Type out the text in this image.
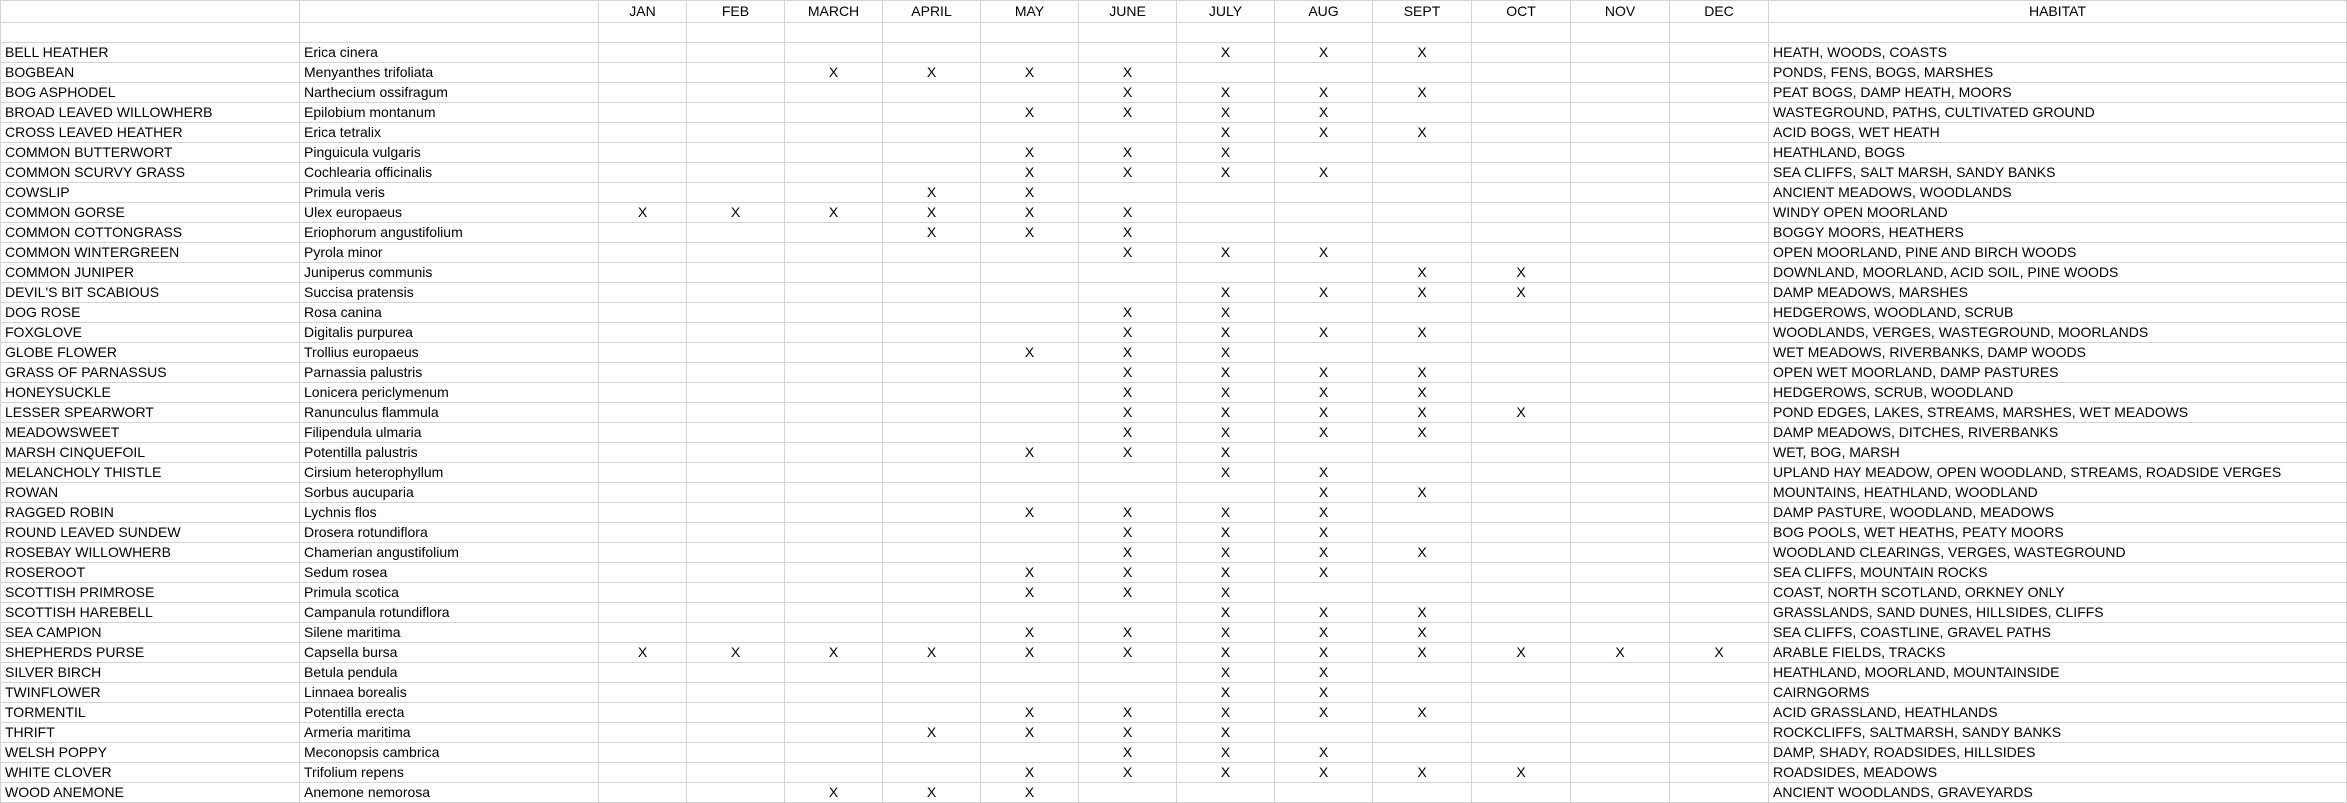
		JAN	FEB	MARCH	APRIL	MAY	JUNE	JULY	AUG	SEPT	OCT	NOV	DEC	HABITAT

BELL HEATHER	Erica cinera							X	X	X				HEATH, WOODS, COASTS
BOGBEAN	Menyanthes trifoliata			X	X	X	X							PONDS, FENS, BOGS, MARSHES
BOG ASPHODEL	Narthecium ossifragum						X	X	X	X				PEAT BOGS, DAMP HEATH, MOORS
BROAD LEAVED WILLOWHERB	Epilobium montanum					X	X	X	X					WASTEGROUND, PATHS, CULTIVATED GROUND
CROSS LEAVED HEATHER	Erica tetralix							X	X	X				ACID BOGS, WET HEATH
COMMON BUTTERWORT	Pinguicula vulgaris					X	X	X						HEATHLAND, BOGS
COMMON SCURVY GRASS	Cochlearia officinalis					X	X	X	X					SEA CLIFFS, SALT MARSH, SANDY BANKS
COWSLIP	Primula veris				X	X								ANCIENT MEADOWS, WOODLANDS
COMMON GORSE	Ulex europaeus	X	X	X	X	X	X							WINDY OPEN MOORLAND
COMMON COTTONGRASS	Eriophorum angustifolium				X	X	X							BOGGY MOORS, HEATHERS
COMMON WINTERGREEN	Pyrola minor						X	X	X					OPEN MOORLAND, PINE AND BIRCH WOODS
COMMON JUNIPER	Juniperus communis									X	X			DOWNLAND, MOORLAND, ACID SOIL, PINE WOODS
DEVIL'S BIT SCABIOUS	Succisa pratensis							X	X	X	X			DAMP MEADOWS, MARSHES
DOG ROSE	Rosa canina						X	X						HEDGEROWS, WOODLAND, SCRUB
FOXGLOVE	Digitalis purpurea						X	X	X	X				WOODLANDS, VERGES, WASTEGROUND, MOORLANDS
GLOBE FLOWER	Trollius europaeus					X	X	X						WET MEADOWS, RIVERBANKS, DAMP WOODS
GRASS OF PARNASSUS	Parnassia palustris						X	X	X	X				OPEN WET MOORLAND, DAMP PASTURES
HONEYSUCKLE	Lonicera periclymenum						X	X	X	X				HEDGEROWS, SCRUB, WOODLAND
LESSER SPEARWORT	Ranunculus flammula						X	X	X	X	X			POND EDGES, LAKES, STREAMS, MARSHES, WET MEADOWS
MEADOWSWEET	Filipendula ulmaria						X	X	X	X				DAMP MEADOWS, DITCHES, RIVERBANKS
MARSH CINQUEFOIL	Potentilla palustris					X	X	X						WET, BOG, MARSH
MELANCHOLY THISTLE	Cirsium heterophyllum							X	X					UPLAND HAY MEADOW, OPEN WOODLAND, STREAMS, ROADSIDE VERGES
ROWAN	Sorbus aucuparia								X	X				MOUNTAINS, HEATHLAND, WOODLAND
RAGGED ROBIN	Lychnis flos					X	X	X	X					DAMP PASTURE, WOODLAND, MEADOWS
ROUND LEAVED SUNDEW	Drosera rotundiflora						X	X	X					BOG POOLS, WET HEATHS, PEATY MOORS
ROSEBAY WILLOWHERB	Chamerian angustifolium						X	X	X	X				WOODLAND CLEARINGS, VERGES, WASTEGROUND
ROSEROOT	Sedum rosea					X	X	X	X					SEA CLIFFS, MOUNTAIN ROCKS
SCOTTISH PRIMROSE	Primula scotica					X	X	X						COAST, NORTH SCOTLAND, ORKNEY ONLY
SCOTTISH HAREBELL	Campanula rotundiflora							X	X	X				GRASSLANDS, SAND DUNES, HILLSIDES, CLIFFS
SEA CAMPION	Silene maritima					X	X	X	X	X				SEA CLIFFS, COASTLINE, GRAVEL PATHS
SHEPHERDS PURSE	Capsella bursa	X	X	X	X	X	X	X	X	X	X	X	X	ARABLE FIELDS, TRACKS
SILVER BIRCH	Betula pendula							X	X					HEATHLAND, MOORLAND, MOUNTAINSIDE
TWINFLOWER	Linnaea borealis							X	X					CAIRNGORMS
TORMENTIL	Potentilla erecta					X	X	X	X	X				ACID GRASSLAND, HEATHLANDS
THRIFT	Armeria maritima				X	X	X	X						ROCKCLIFFS, SALTMARSH, SANDY BANKS
WELSH POPPY	Meconopsis cambrica						X	X	X					DAMP, SHADY, ROADSIDES, HILLSIDES
WHITE CLOVER	Trifolium repens					X	X	X	X	X	X			ROADSIDES, MEADOWS
WOOD ANEMONE	Anemone nemorosa			X	X	X								ANCIENT WOODLANDS, GRAVEYARDS
